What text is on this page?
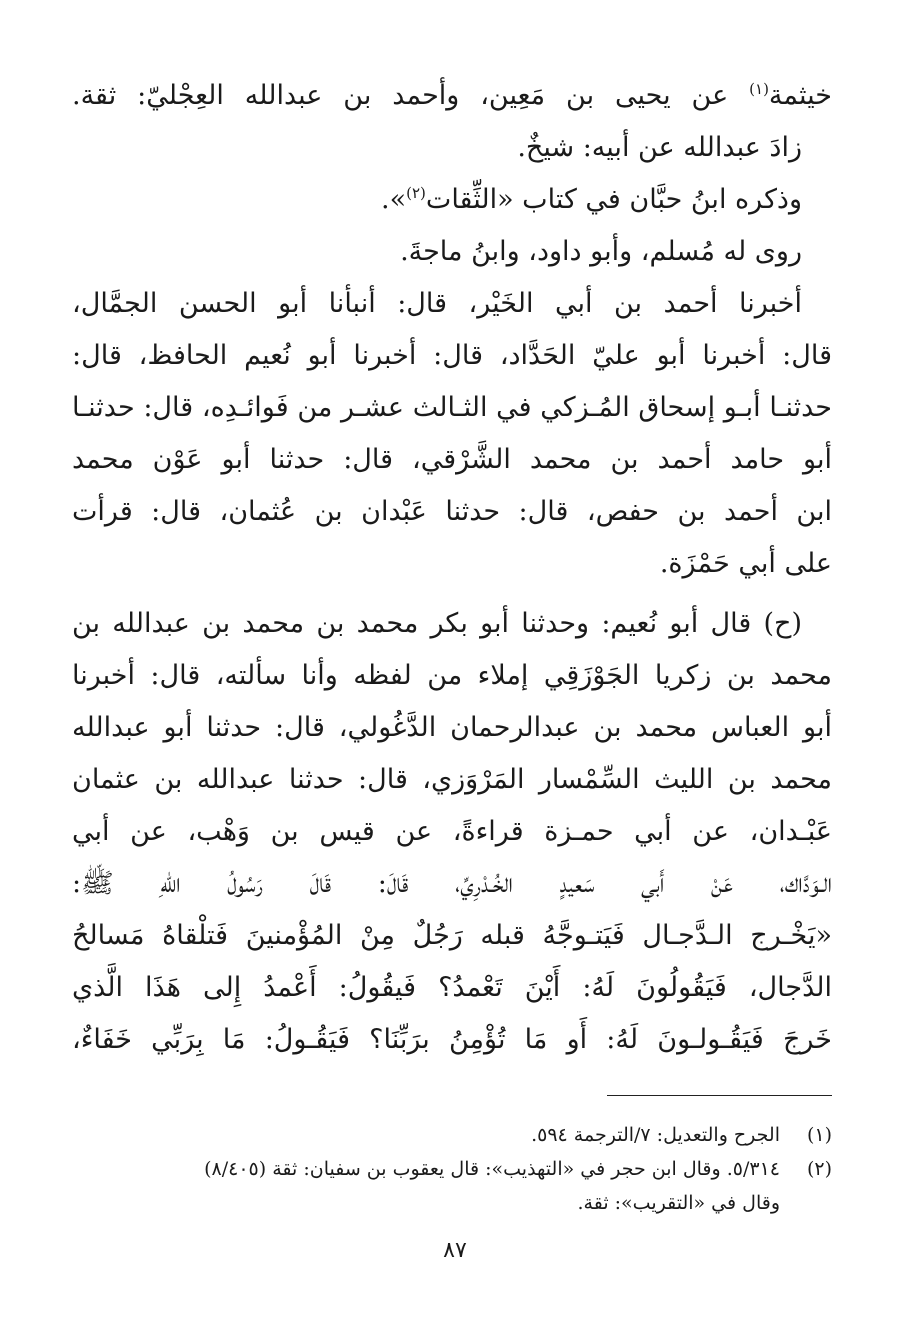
خيثمة$^{(١)}$ عن يحيى بن مَعِين، وأحمد بن عبدالله العِجْليّ: ثقة.
زادَ عبدالله عن أبيه: شيخٌ.
وذكره ابنُ حبَّان في كتاب «الثِّقات$^{(٢)}$».
روى له مُسلم، وأبو داود، وابنُ ماجةَ.
أخبرنا أحمد بن أبي الخَيْر، قال: أنبأنا أبو الحسن الجمَّال،
قال: أخبرنا أبو عليّ الحَدَّاد، قال: أخبرنا أبو نُعيم الحافظ، قال:
حدثنـا أبـو إسحاق المُـزكي في الثـالث عشـر من فَوائـدِه، قال: حدثنـا
أبو حامد أحمد بن محمد الشَّرْقي، قال: حدثنا أبو عَوْن محمد
ابن أحمد بن حفص، قال: حدثنا عَبْدان بن عُثمان، قال: قرأت
على أبي حَمْزَة.
(ح) قال أبو نُعيم: وحدثنا أبو بكر محمد بن محمد بن عبدالله بن
محمد بن زكريا الجَوْزَقِي إملاء من لفظه وأنا سألته، قال: أخبرنا
أبو العباس محمد بن عبدالرحمان الدَّغُولي، قال: حدثنا أبو عبدالله
محمد بن الليث السِّمْسار المَرْوَزي، قال: حدثنا عبدالله بن عثمان
عَبْـدان، عن أبي حمـزة قراءةً، عن قيس بن وَهْب، عن أبي
الـوَدَّاك، عَنْ أَبي سَعيدٍ الخُـدْرِيِّ، قَالَ: قَالَ رَسُولُ اللهِ ﷺ:
«يَخْـرج الـدَّجـال فَيَتـوجَّهُ قبله رَجُلٌ مِنْ المُؤْمنينَ فَتلْقاهُ مَسالحُ
الدَّجال، فَيَقُولُونَ لَهُ: أَيْنَ تَعْمدُ؟ فَيقُولُ: أَعْمدُ إِلى هَذَا الَّذي
خَرجَ فَيَقُـولـونَ لَهُ: أَو مَا تُؤْمِنُ برَبِّنَا؟ فَيَقُـولُ: مَا بِرَبِّي خَفَاءٌ،
(١)الجرح والتعديل: ٧/الترجمة ٥٩٤.
(٢)٥/٣١٤. وقال ابن حجر في «التهذيب»: قال يعقوب بن سفيان: ثقة (٨/٤٠٥)
وقال في «التقريب»: ثقة.
٨٧
